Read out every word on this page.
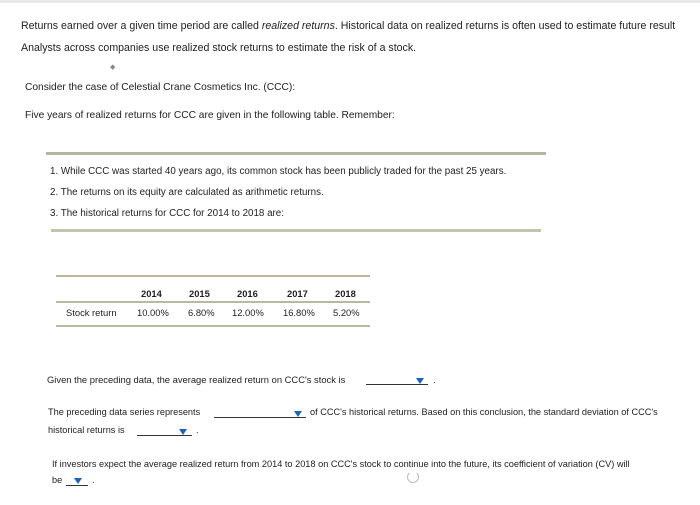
Returns earned over a given time period are called realized returns. Historical data on realized returns is often used to estimate future result
Analysts across companies use realized stock returns to estimate the risk of a stock.
◆
Consider the case of Celestial Crane Cosmetics Inc. (CCC):
Five years of realized returns for CCC are given in the following table. Remember:
1. While CCC was started 40 years ago, its common stock has been publicly traded for the past 25 years.
2. The returns on its equity are calculated as arithmetic returns.
3. The historical returns for CCC for 2014 to 2018 are:
2014	2015	2016	2017	2018
Stock return 10.00% 6.80% 12.00% 16.80% 5.20%
Given the preceding data, the average realized return on CCC's stock is	.
The preceding data series represents	of CCC's historical returns. Based on this conclusion, the standard deviation of CCC's
historical returns is	.
If investors expect the average realized return from 2014 to 2018 on CCC's stock to continue into the future, its coefficient of variation (CV) will
be	.
